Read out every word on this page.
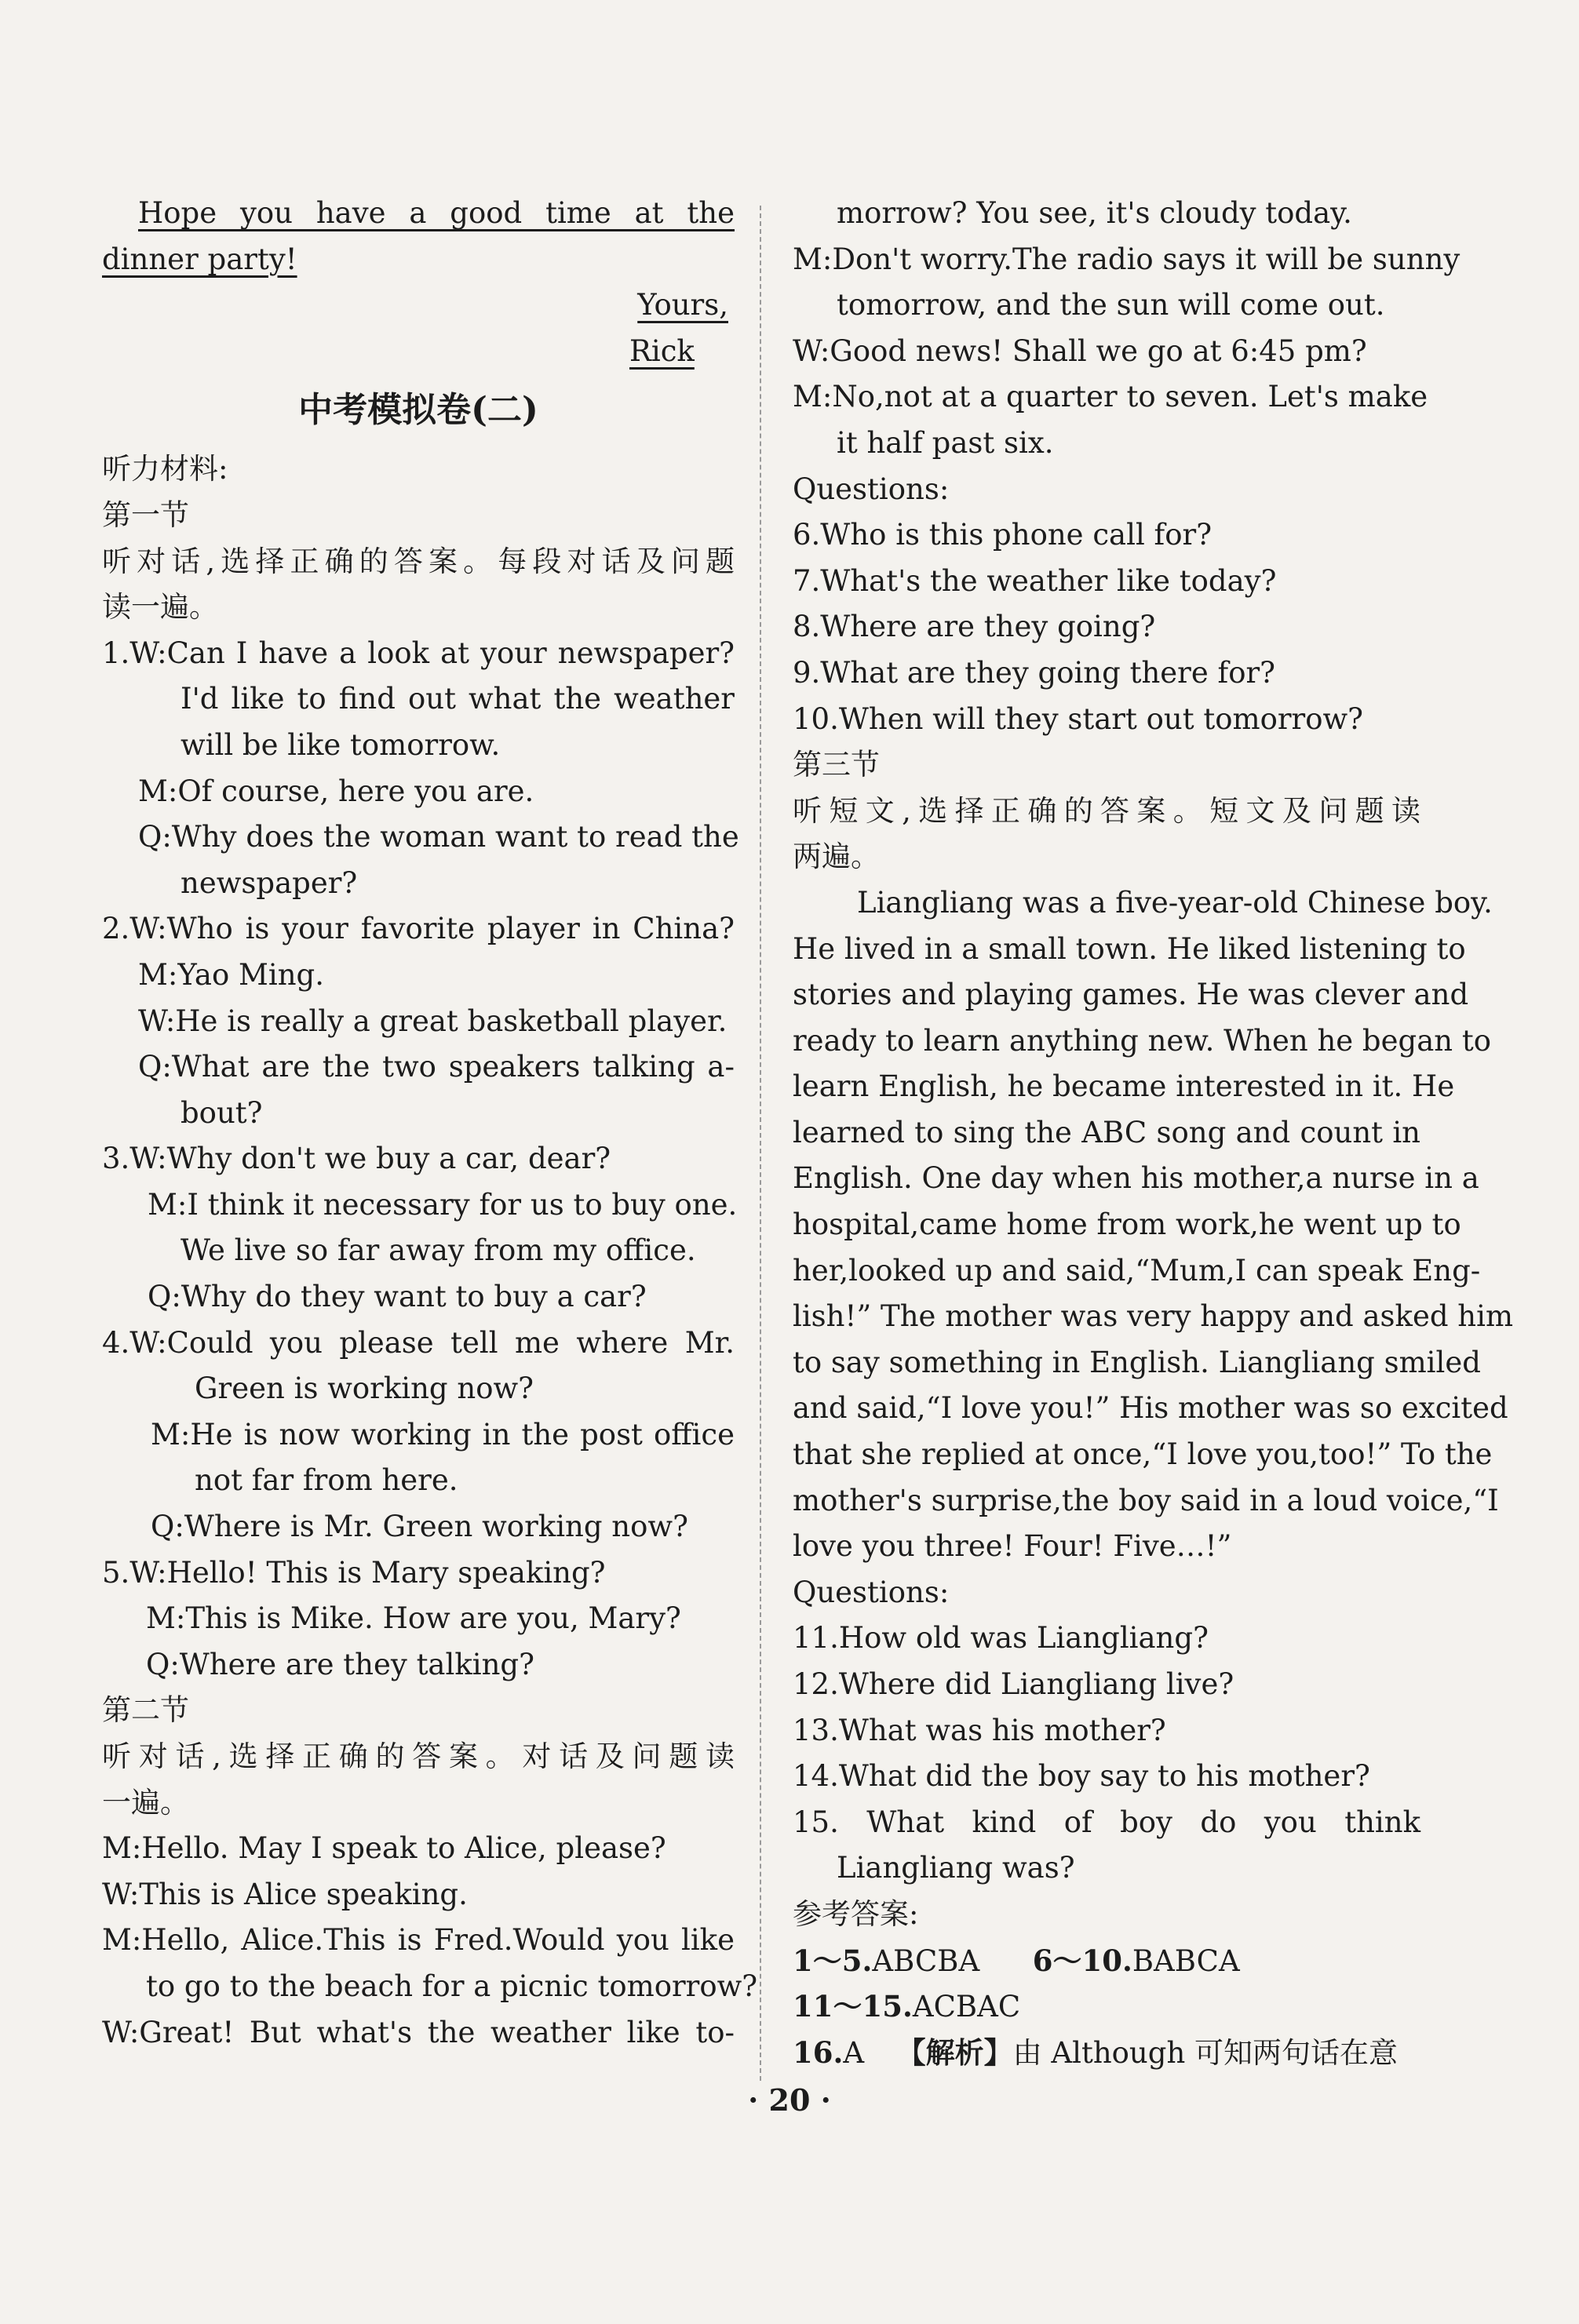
Hope you have a good time at the
dinner party!
Yours,
Rick
中考模拟卷(二)
听力材料:
第一节
听对话,选择正确的答案。每段对话及问题
读一遍。
1.W:Can I have a look at your newspaper?
I'd like to find out what the weather
will be like tomorrow.
M:Of course, here you are.
Q:Why does the woman want to read the
newspaper?
2.W:Who is your favorite player in China?
M:Yao Ming.
W:He is really a great basketball player.
Q:What are the two speakers talking a-
bout?
3.W:Why don't we buy a car, dear?
M:I think it necessary for us to buy one.
We live so far away from my office.
Q:Why do they want to buy a car?
4.W:Could you please tell me where Mr.
Green is working now?
M:He is now working in the post office
not far from here.
Q:Where is Mr. Green working now?
5.W:Hello! This is Mary speaking?
M:This is Mike. How are you, Mary?
Q:Where are they talking?
第二节
听对话,选择正确的答案。对话及问题读
一遍。
M:Hello. May I speak to Alice, please?
W:This is Alice speaking.
M:Hello, Alice.This is Fred.Would you like
to go to the beach for a picnic tomorrow?
W:Great! But what's the weather like to-
morrow? You see, it's cloudy today.
M:Don't worry.The radio says it will be sunny
tomorrow, and the sun will come out.
W:Good news! Shall we go at 6:45 pm?
M:No,not at a quarter to seven. Let's make
it half past six.
Questions:
6.Who is this phone call for?
7.What's the weather like today?
8.Where are they going?
9.What are they going there for?
10.When will they start out tomorrow?
第三节
听短文,选择正确的答案。短文及问题读
两遍。
Liangliang was a five-year-old Chinese boy.
He lived in a small town. He liked listening to
stories and playing games. He was clever and
ready to learn anything new. When he began to
learn English, he became interested in it. He
learned to sing the ABC song and count in
English. One day when his mother,a nurse in a
hospital,came home from work,he went up to
her,looked up and said,“Mum,I can speak Eng-
lish!” The mother was very happy and asked him
to say something in English. Liangliang smiled
and said,“I love you!” His mother was so excited
that she replied at once,“I love you,too!” To the
mother's surprise,the boy said in a loud voice,“I
love you three! Four! Five…!”
Questions:
11.How old was Liangliang?
12.Where did Liangliang live?
13.What was his mother?
14.What did the boy say to his mother?
15. What kind of boy do you think
Liangliang was?
参考答案:
1～5.ABCBA 6～10.BABCA
11～15.ACBAC
16.A 【解析】由 Although 可知两句话在意
· 20 ·
